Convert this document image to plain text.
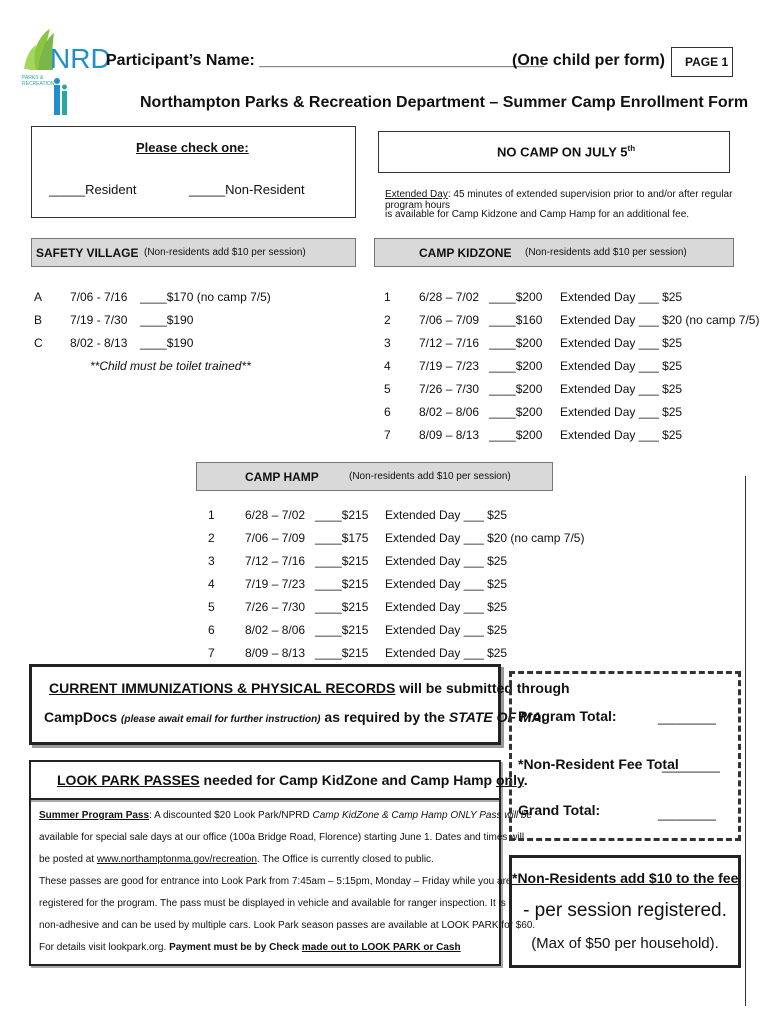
NRD
PARKS & RECREATION
Participant’s Name: ________________________________
(One child per form) PAGE 1
Northampton Parks & Recreation Department – Summer Camp Enrollment Form
Please check one:
_____Resident	_____Non-Resident
NO CAMP ON JULY 5th
Extended Day: 45 minutes of extended supervision prior to and/or after regular program hours
is available for Camp Kidzone and Camp Hamp for an additional fee.
SAFETY VILLAGE (Non-residents add $10 per session)	CAMP KIDZONE (Non-residents add $10 per session)
A 7/06 - 7/16 ____$170 (no camp 7/5)
B 7/19 - 7/30 ____$190
C 8/02 - 8/13 ____$190
**Child must be toilet trained**
1 6/28 – 7/02 ____$200 Extended Day ___ $25
2 7/06 – 7/09 ____$160 Extended Day ___ $20 (no camp 7/5)
3 7/12 – 7/16 ____$200 Extended Day ___ $25
4 7/19 – 7/23 ____$200 Extended Day ___ $25
5 7/26 – 7/30 ____$200 Extended Day ___ $25
6 8/02 – 8/06 ____$200 Extended Day ___ $25
7 8/09 – 8/13 ____$200 Extended Day ___ $25
CAMP HAMP	(Non-residents add $10 per session)
1	6/28 – 7/02 ____$215 Extended Day ___ $25
2	7/06 – 7/09 ____$175 Extended Day ___ $20 (no camp 7/5)
3	7/12 – 7/16 ____$215 Extended Day ___ $25
4	7/19 – 7/23 ____$215 Extended Day ___ $25
5	7/26 – 7/30 ____$215 Extended Day ___ $25
6	8/02 – 8/06 ____$215 Extended Day ___ $25
7	8/09 – 8/13 ____$215 Extended Day ___ $25
CURRENT IMMUNIZATIONS & PHYSICAL RECORDS will be submitted through
CampDocs (please await email for further instruction) as required by the STATE OF MA.
LOOK PARK PASSES needed for Camp KidZone and Camp Hamp only.
Summer Program Pass: A discounted $20 Look Park/NPRD Camp KidZone & Camp Hamp ONLY Pass will be
available for special sale days at our office (100a Bridge Road, Florence) starting June 1. Dates and times will
be posted at www.northamptonma.gov/recreation. The Office is currently closed to public.
These passes are good for entrance into Look Park from 7:45am – 5:15pm, Monday – Friday while you are
registered for the program. The pass must be displayed in vehicle and available for ranger inspection. It is
non-adhesive and can be used by multiple cars. Look Park season passes are available at LOOK PARK for $60.
For details visit lookpark.org. Payment must be by Check made out to LOOK PARK or Cash
Program Total:	________
*Non-Resident Fee Total
________
Grand Total:	________
*Non-Residents add $10 to the fee
- per session registered.
(Max of $50 per household).
